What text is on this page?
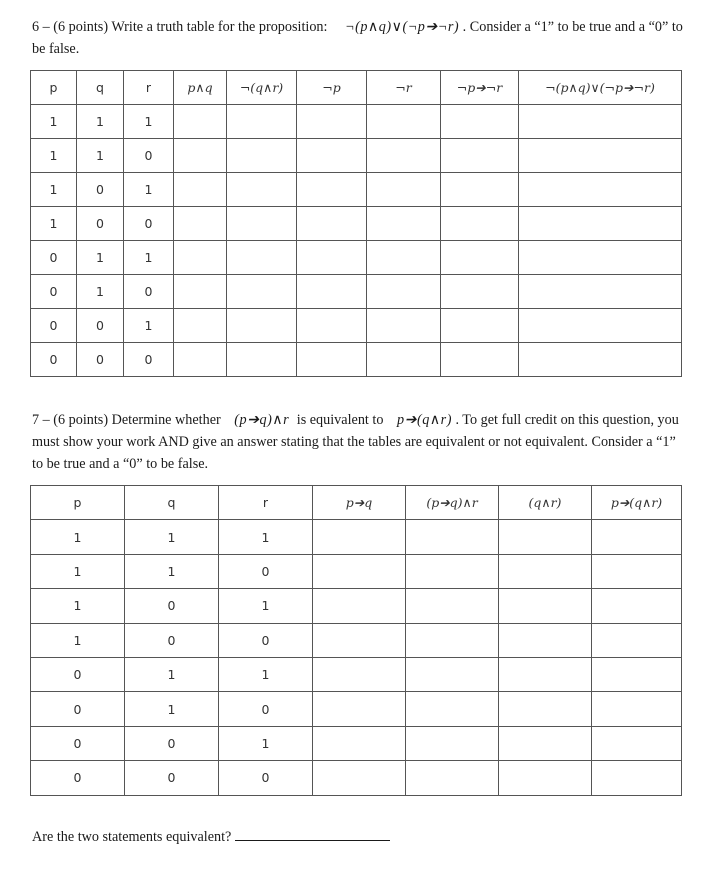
6 – (6 points) Write a truth table for the proposition: ¬(p∧q)∨(¬p➔¬r) . Consider a “1” to be true and a “0” to be false.
p	q	r	p∧q	¬(q∧r)	¬p	¬r	¬p➔¬r	¬(p∧q)∨(¬p➔¬r)
1	1	1						
1	1	0						
1	0	1						
1	0	0						
0	1	1						
0	1	0						
0	0	1						
0	0	0						
7 – (6 points) Determine whether (p➔q)∧r is equivalent to p➔(q∧r) . To get full credit on this question, you must show your work AND give an answer stating that the tables are equivalent or not equivalent. Consider a “1” to be true and a “0” to be false.
p	q	r	p➔q	(p➔q)∧r	(q∧r)	p➔(q∧r)
1	1	1				
1	1	0				
1	0	1				
1	0	0				
0	1	1				
0	1	0				
0	0	1				
0	0	0				
Are the two statements equivalent?
